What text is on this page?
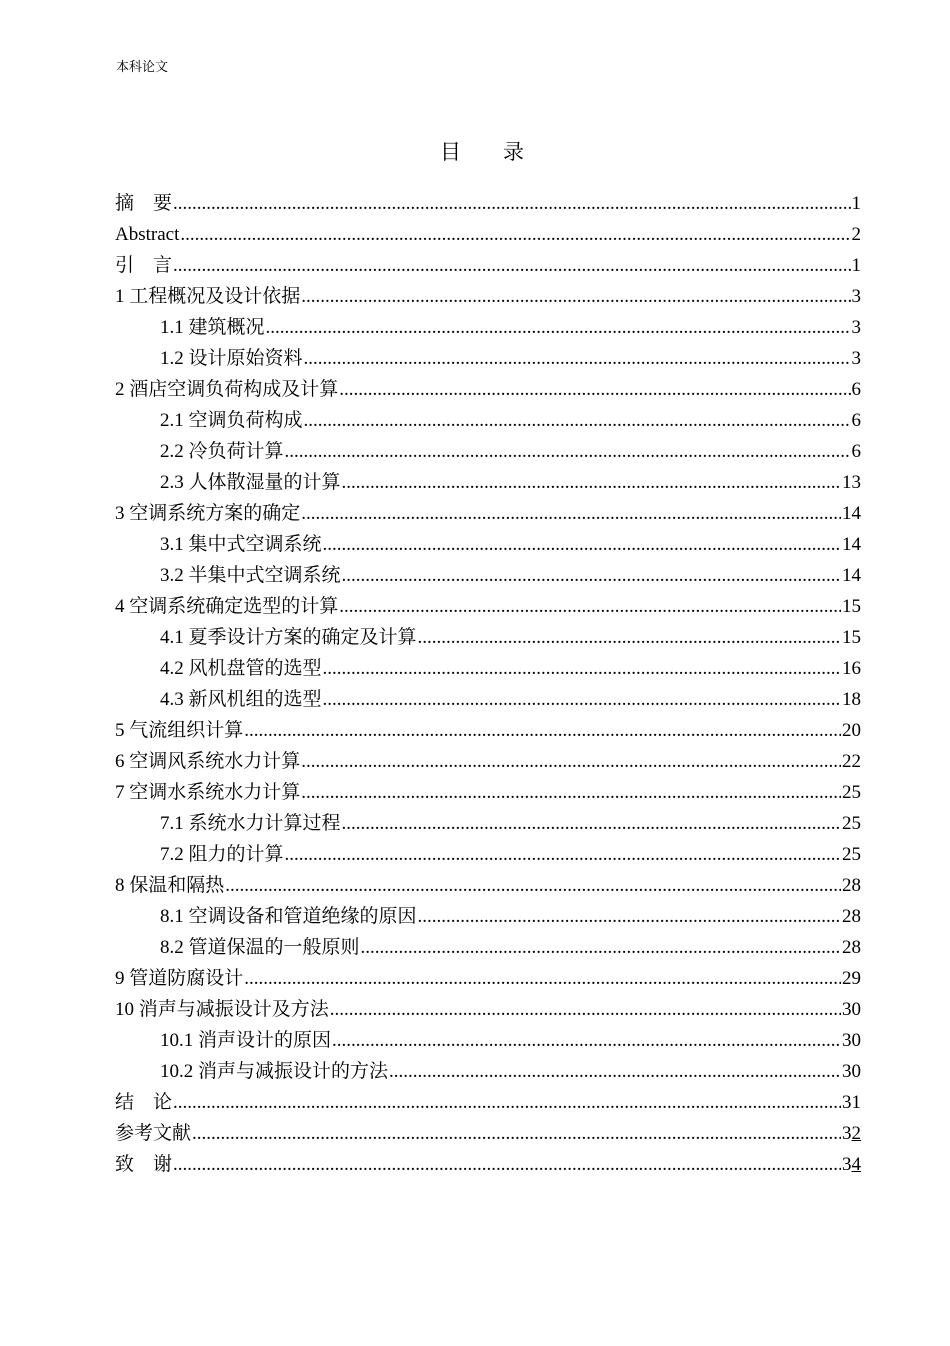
本科论文
目　　录
摘　要 .....	1
Abstract .....	2
引　言 .....	1
1 工程概况及设计依据 .....	3
1.1 建筑概况 .....	3
1.2 设计原始资料 .....	3
2 酒店空调负荷构成及计算 .....	6
2.1 空调负荷构成 .....	6
2.2 冷负荷计算 .....	6
2.3 人体散湿量的计算 .....	13
3 空调系统方案的确定 .....	14
3.1 集中式空调系统 .....	14
3.2 半集中式空调系统 .....	14
4 空调系统确定选型的计算 .....	15
4.1 夏季设计方案的确定及计算 .....	15
4.2 风机盘管的选型 .....	16
4.3 新风机组的选型 .....	18
5 气流组织计算 .....	20
6 空调风系统水力计算 .....	22
7 空调水系统水力计算 .....	25
7.1 系统水力计算过程 .....	25
7.2 阻力的计算 .....	25
8 保温和隔热 .....	28
8.1 空调设备和管道绝缘的原因 .....	28
8.2 管道保温的一般原则 .....	28
9 管道防腐设计 .....	29
10 消声与减振设计及方法 .....	30
10.1 消声设计的原因 .....	30
10.2 消声与减振设计的方法 .....	30
结　论 .....	31
参考文献 .....	32
致　谢 .....	34
